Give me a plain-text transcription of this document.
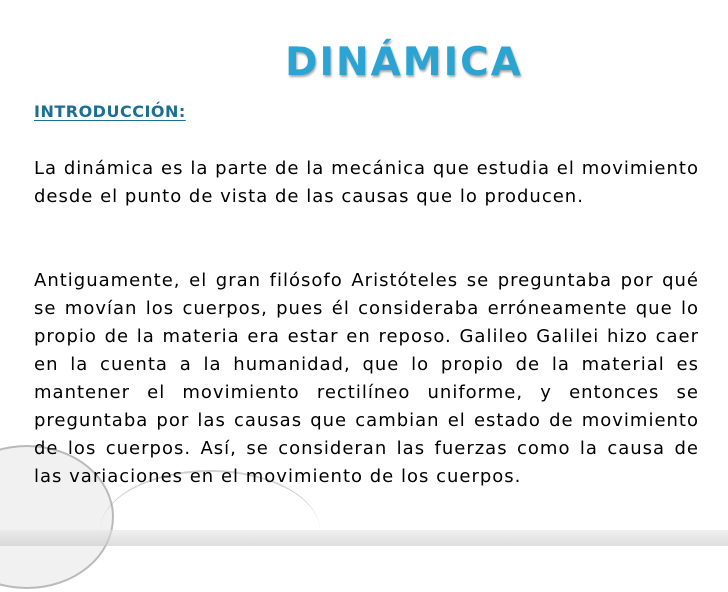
DINÁMICA
INTRODUCCIÓN:

La dinámica es la parte de la mecánica que estudia el movimiento desde el punto de vista de las causas que lo producen.

Antiguamente, el gran filósofo Aristóteles se preguntaba por qué se movían los cuerpos, pues él consideraba erróneamente que lo propio de la materia era estar en reposo. Galileo Galilei hizo caer en la cuenta a la humanidad, que lo propio de la material es mantener el movimiento rectilíneo uniforme, y entonces se preguntaba por las causas que cambian el estado de movimiento de los cuerpos. Así, se consideran las fuerzas como la causa de las variaciones en el movimiento de los cuerpos.
